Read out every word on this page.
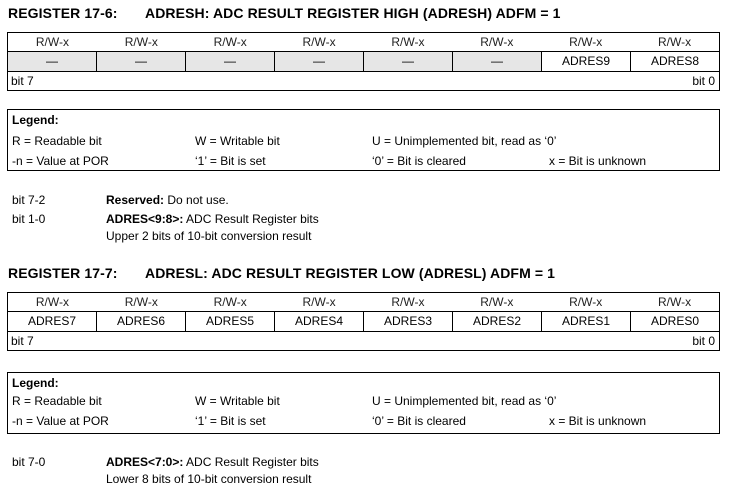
REGISTER 17-6: ADRESH: ADC RESULT REGISTER HIGH (ADRESH) ADFM = 1
R/W-x	R/W-x	R/W-x	R/W-x	R/W-x	R/W-x	R/W-x	R/W-x
—	—	—	—	—	—	ADRES9	ADRES8
bit 7	bit 0
Legend:
R = Readable bit	W = Writable bit	U = Unimplemented bit, read as ‘0’
-n = Value at POR	‘1’ = Bit is set	‘0’ = Bit is cleared	x = Bit is unknown
bit 7-2	Reserved: Do not use.
bit 1-0	ADRES<9:8>: ADC Result Register bits
Upper 2 bits of 10-bit conversion result
REGISTER 17-7: ADRESL: ADC RESULT REGISTER LOW (ADRESL) ADFM = 1
R/W-x	R/W-x	R/W-x	R/W-x	R/W-x	R/W-x	R/W-x	R/W-x
ADRES7	ADRES6	ADRES5	ADRES4	ADRES3	ADRES2	ADRES1	ADRES0
bit 7	bit 0
Legend:
R = Readable bit	W = Writable bit	U = Unimplemented bit, read as ‘0’
-n = Value at POR	‘1’ = Bit is set	‘0’ = Bit is cleared	x = Bit is unknown
bit 7-0	ADRES<7:0>: ADC Result Register bits
Lower 8 bits of 10-bit conversion result
